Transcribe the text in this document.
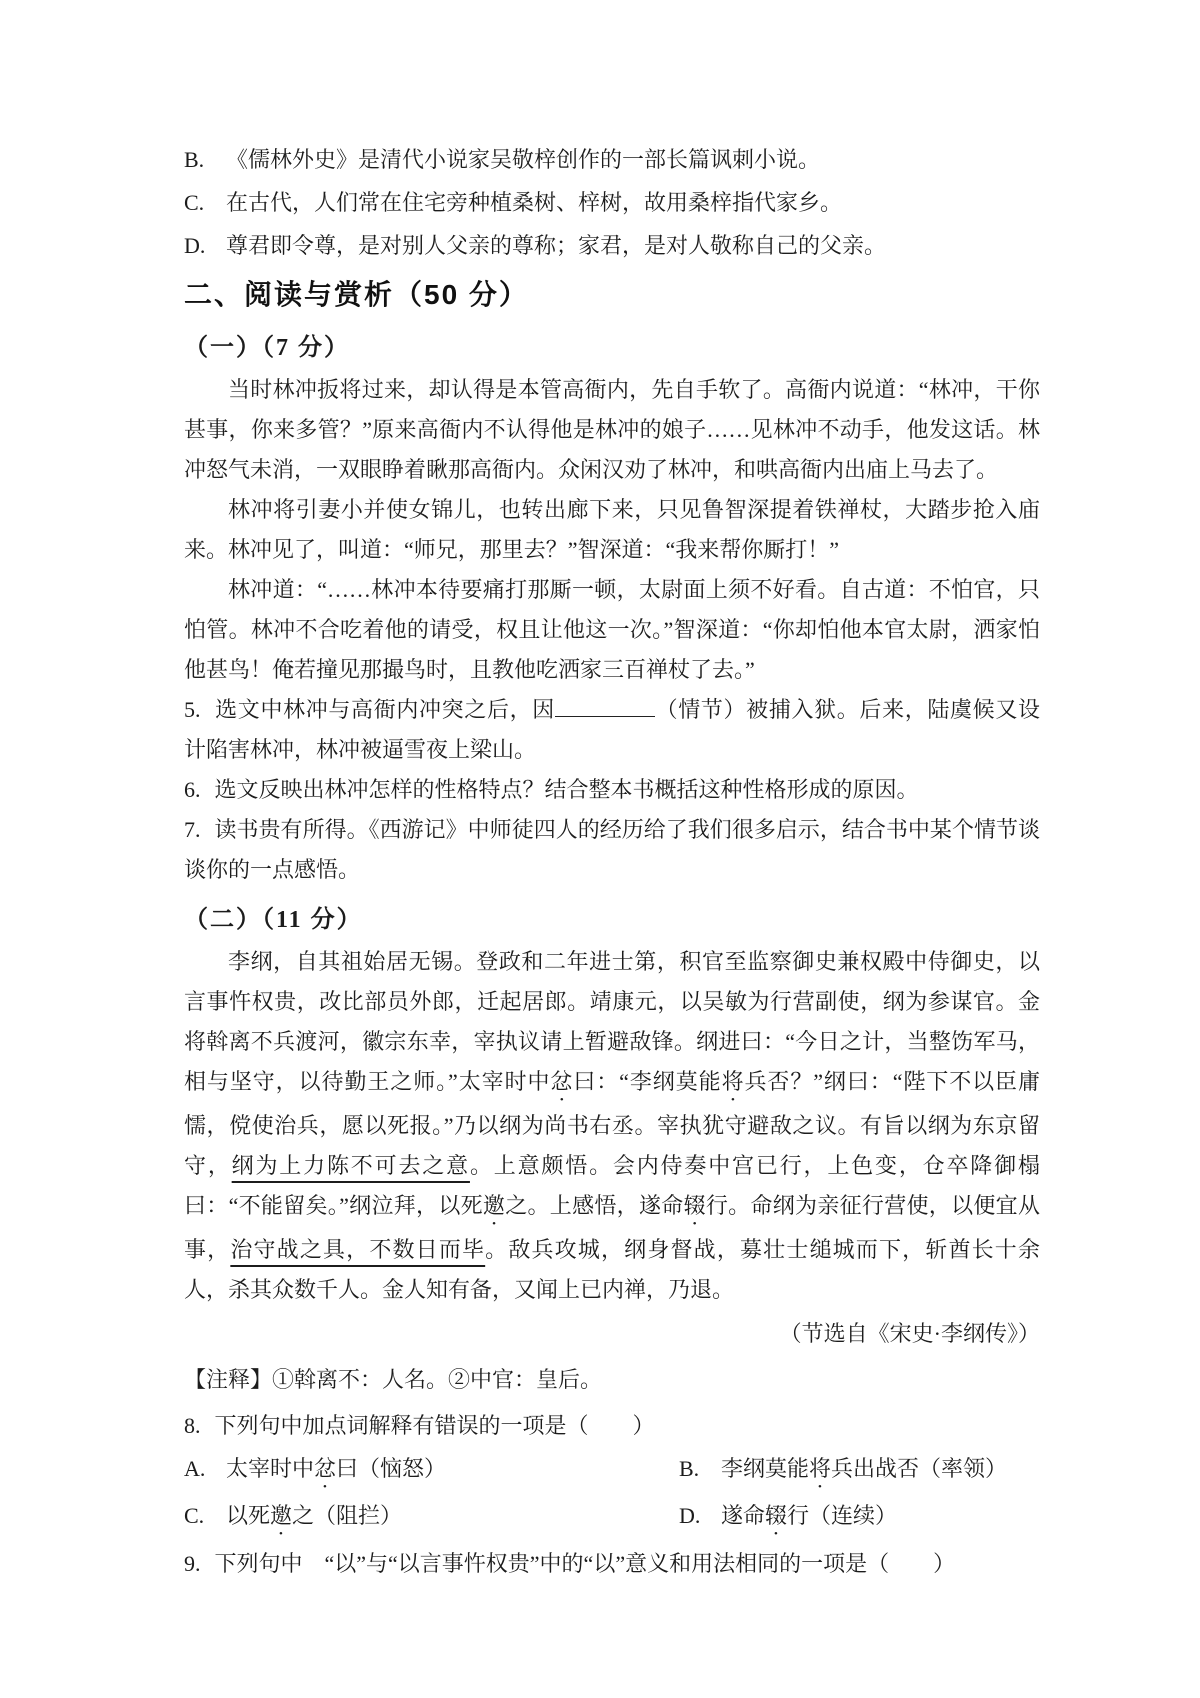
B. 《儒林外史》是清代小说家吴敬梓创作的一部长篇讽刺小说。

C. 在古代，人们常在住宅旁种植桑树、梓树，故用桑梓指代家乡。

D. 尊君即令尊，是对别人父亲的尊称；家君，是对人敬称自己的父亲。

二、阅读与赏析（50 分）
（一）（7 分）

当时林冲扳将过来，却认得是本管高衙内，先自手软了。高衙内说道：“林冲，干你甚事，你来多管？”原来高衙内不认得他是林冲的娘子……见林冲不动手，他发这话。林冲怒气未消，一双眼睁着瞅那高衙内。众闲汉劝了林冲，和哄高衙内出庙上马去了。

林冲将引妻小并使女锦儿，也转出廊下来，只见鲁智深提着铁禅杖，大踏步抢入庙来。林冲见了，叫道：“师兄，那里去？”智深道：“我来帮你厮打！”

林冲道：“……林冲本待要痛打那厮一顿，太尉面上须不好看。自古道：不怕官，只怕管。林冲不合吃着他的请受，权且让他这一次。”智深道：“你却怕他本官太尉，洒家怕他甚鸟！俺若撞见那撮鸟时，且教他吃洒家三百禅杖了去。”

5. 选文中林冲与高衙内冲突之后，因	（情节）被捕入狱。后来，陆虞候又设计陷害林冲，林冲被逼雪夜上梁山。

6. 选文反映出林冲怎样的性格特点？结合整本书概括这种性格形成的原因。

7. 读书贵有所得。《西游记》中师徒四人的经历给了我们很多启示，结合书中某个情节谈谈你的一点感悟。

（二）（11 分）

李纲，自其祖始居无锡。登政和二年进士第，积官至监察御史兼权殿中侍御史，以言事忤权贵，改比部员外郎，迁起居郎。靖康元，以吴敏为行营副使，纲为参谋官。金将斡离不兵渡河，徽宗东幸，宰执议请上暂避敌锋。纲进曰：“今日之计，当整饬军马，相与坚守，以待勤王之师。”太宰时中忿曰：“李纲莫能将兵否？”纲曰：“陛下不以臣庸懦，傥使治兵，愿以死报。”乃以纲为尚书右丞。宰执犹守避敌之议。有旨以纲为东京留守，纲为上力陈不可去之意。上意颇悟。会内侍奏中宫已行，上色变，仓卒降御榻曰：“不能留矣。”纲泣拜，以死邀之。上感悟，遂命辍行。命纲为亲征行营使，以便宜从事，治守战之具，不数日而毕。敌兵攻城，纲身督战，募壮士缒城而下，斩酋长十余人，杀其众数千人。金人知有备，又闻上已内禅，乃退。

（节选自《宋史·李纲传》）

【注释】①斡离不：人名。②中官：皇后。

8. 下列句中加点词解释有错误的一项是（　　）

A. 太宰时中忿曰（恼怒）	B. 李纲莫能将兵出战否（率领）
C. 以死邀之（阻拦）	D. 遂命辍行（连续）

9. 下列句中　“以”与“以言事忤权贵”中的“以”意义和用法相同的一项是（　　）
